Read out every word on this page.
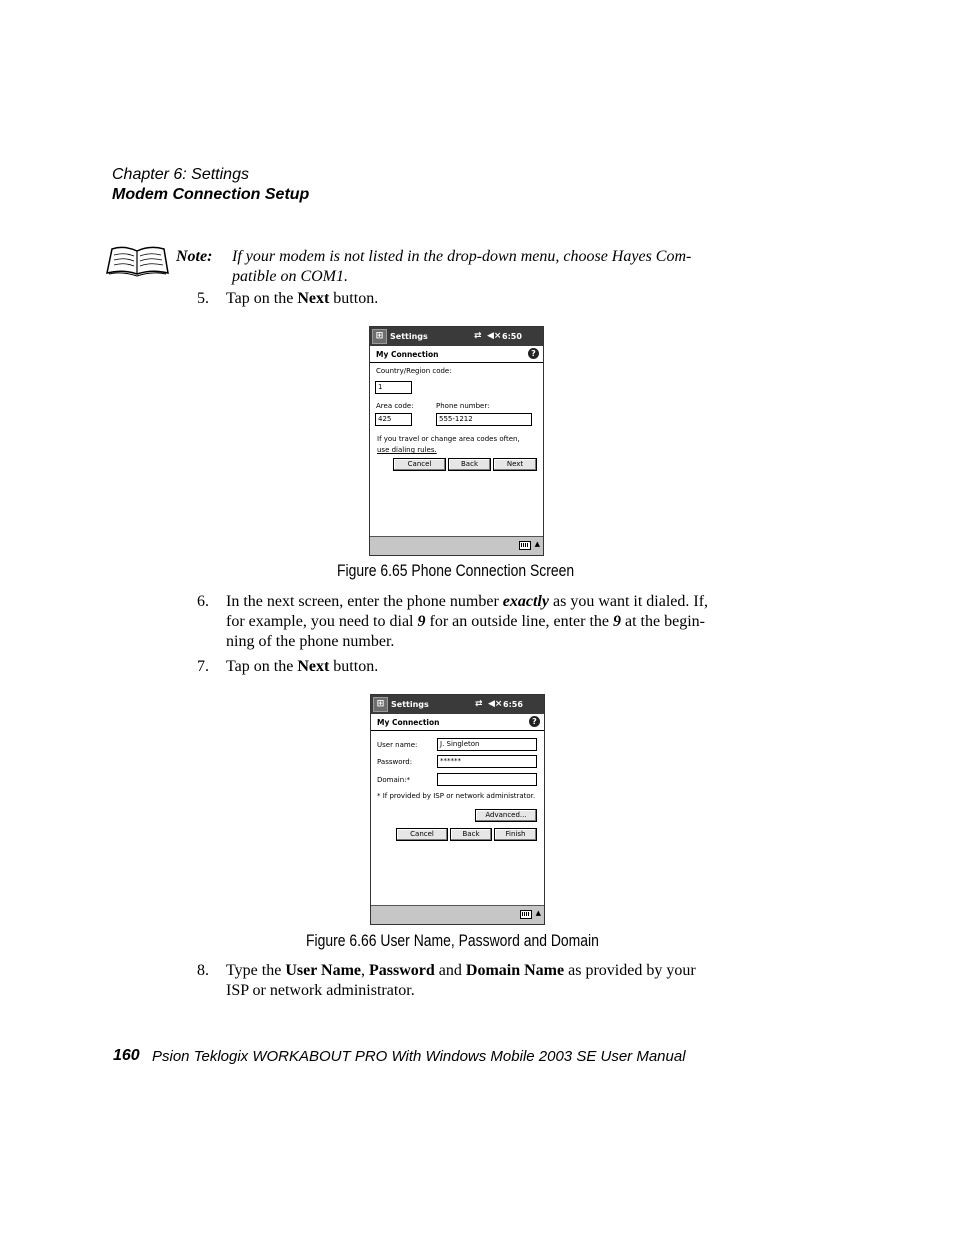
Chapter 6: Settings
Modem Connection Setup
Note: If your modem is not listed in the drop-down menu, choose Hayes Com-
patible on COM1.
5.	Tap on the Next button.
⊞ Settings	⇄ ◀× 6:50
My Connection	?
Country/Region code:
1
Area code:	Phone number:
425	555-1212
If you travel or change area codes often,
use dialing rules.
Cancel	Back	Next
▲
Figure 6.65 Phone Connection Screen
6.	In the next screen, enter the phone number exactly as you want it dialed. If,
for example, you need to dial 9 for an outside line, enter the 9 at the begin-
ning of the phone number.
7.	Tap on the Next button.
⊞ Settings	⇄ ◀× 6:56
My Connection	?
User name:	J. Singleton
Password:	******
Domain:*
* If provided by ISP or network administrator.
Advanced...
Cancel	Back	Finish
▲
Figure 6.66 User Name, Password and Domain
8.	Type the User Name, Password and Domain Name as provided by your
ISP or network administrator.
160 Psion Teklogix WORKABOUT PRO With Windows Mobile 2003 SE User Manual
